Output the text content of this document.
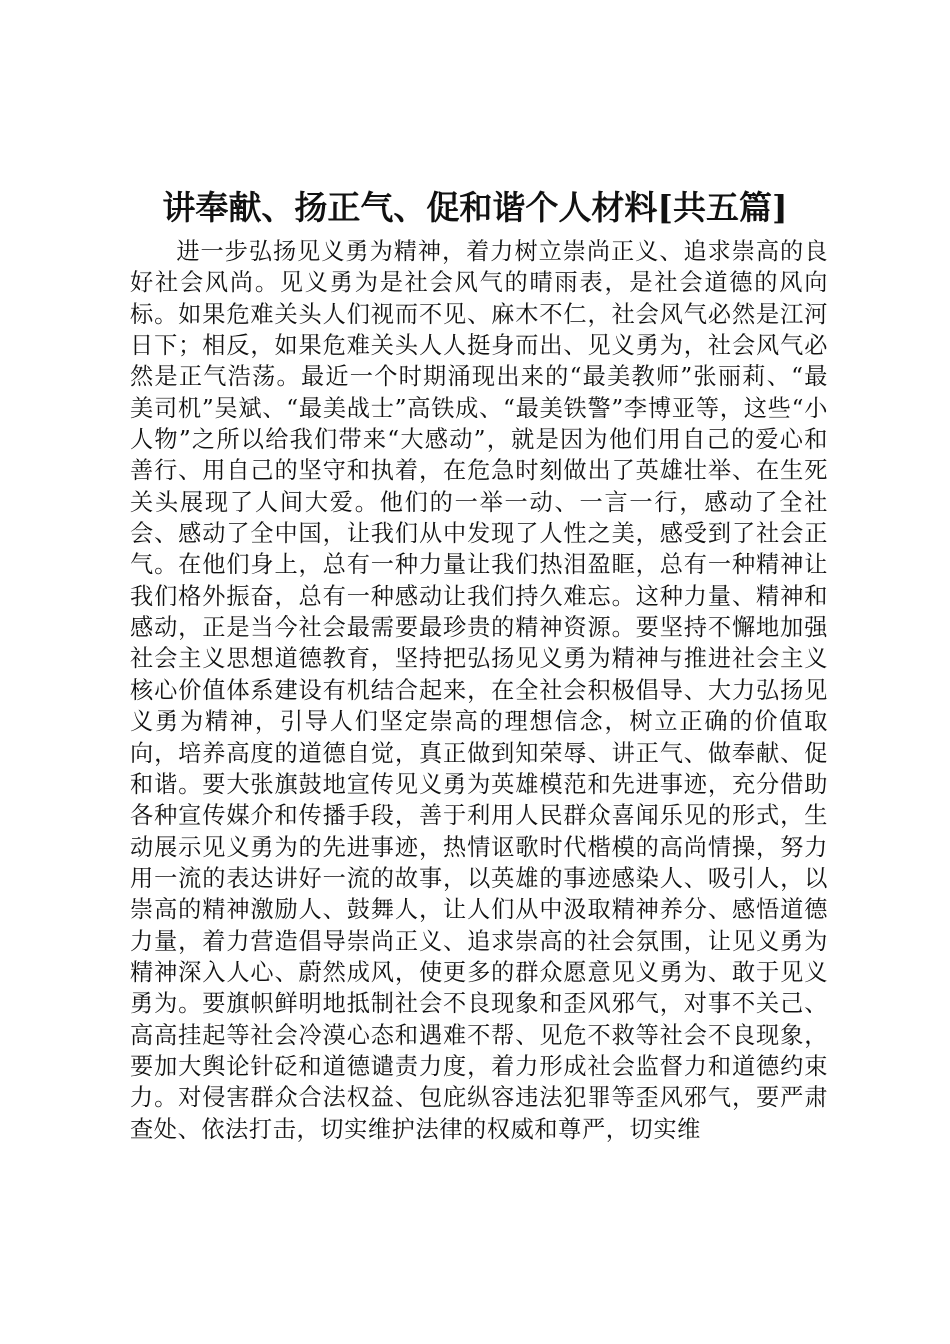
讲奉献、扬正气、促和谐个人材料[共五篇]

进一步弘扬见义勇为精神，着力树立崇尚正义、追求崇高的良好社会风尚。见义勇为是社会风气的晴雨表，是社会道德的风向标。如果危难关头人们视而不见、麻木不仁，社会风气必然是江河日下；相反，如果危难关头人人挺身而出、见义勇为，社会风气必然是正气浩荡。最近一个时期涌现出来的“最美教师”张丽莉、“最美司机”吴斌、“最美战士”高铁成、“最美铁警”李博亚等，这些“小人物”之所以给我们带来“大感动”，就是因为他们用自己的爱心和善行、用自己的坚守和执着，在危急时刻做出了英雄壮举、在生死关头展现了人间大爱。他们的一举一动、一言一行，感动了全社会、感动了全中国，让我们从中发现了人性之美，感受到了社会正气。在他们身上，总有一种力量让我们热泪盈眶，总有一种精神让我们格外振奋，总有一种感动让我们持久难忘。这种力量、精神和感动，正是当今社会最需要最珍贵的精神资源。要坚持不懈地加强社会主义思想道德教育，坚持把弘扬见义勇为精神与推进社会主义核心价值体系建设有机结合起来，在全社会积极倡导、大力弘扬见义勇为精神，引导人们坚定崇高的理想信念，树立正确的价值取向，培养高度的道德自觉，真正做到知荣辱、讲正气、做奉献、促和谐。要大张旗鼓地宣传见义勇为英雄模范和先进事迹，充分借助各种宣传媒介和传播手段，善于利用人民群众喜闻乐见的形式，生动展示见义勇为的先进事迹，热情讴歌时代楷模的高尚情操，努力用一流的表达讲好一流的故事，以英雄的事迹感染人、吸引人，以崇高的精神激励人、鼓舞人，让人们从中汲取精神养分、感悟道德力量，着力营造倡导崇尚正义、追求崇高的社会氛围，让见义勇为精神深入人心、蔚然成风，使更多的群众愿意见义勇为、敢于见义勇为。要旗帜鲜明地抵制社会不良现象和歪风邪气，对事不关己、高高挂起等社会冷漠心态和遇难不帮、见危不救等社会不良现象，要加大舆论针砭和道德谴责力度，着力形成社会监督力和道德约束力。对侵害群众合法权益、包庇纵容违法犯罪等歪风邪气，要严肃查处、依法打击，切实维护法律的权威和尊严，切实维
